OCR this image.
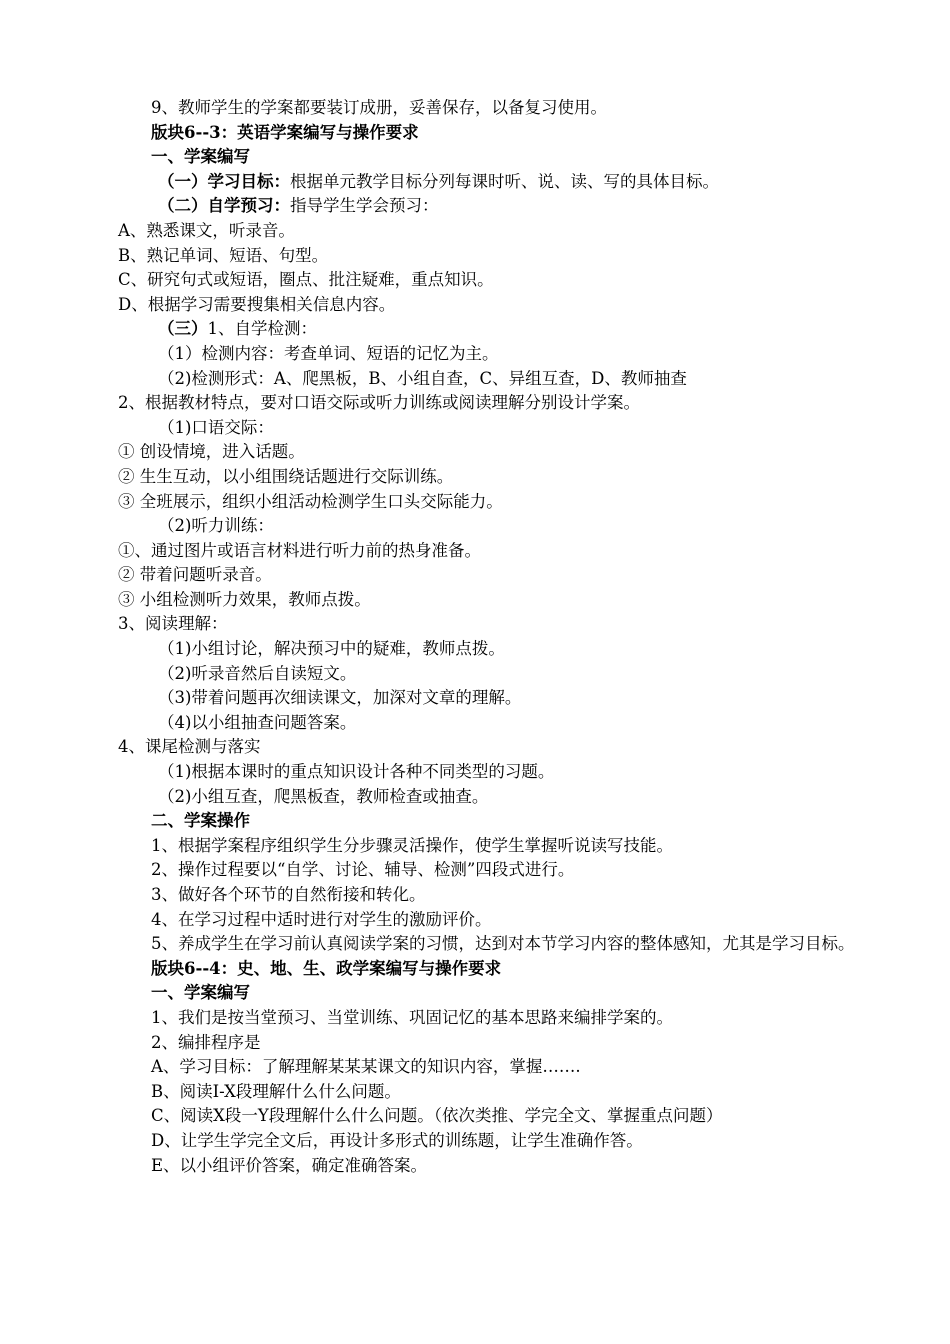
9、教师学生的学案都要装订成册，妥善保存，以备复习使用。
版块6--3：英语学案编写与操作要求
一、学案编写
（一）学习目标：根据单元教学目标分列每课时听、说、读、写的具体目标。
（二）自学预习：指导学生学会预习：
A、熟悉课文，听录音。
B、熟记单词、短语、句型。
C、研究句式或短语，圈点、批注疑难，重点知识。
D、根据学习需要搜集相关信息内容。
（三）1、自学检测：
（1）检测内容：考查单词、短语的记忆为主。
（2)检测形式：A、爬黑板，B、小组自查，C、异组互查，D、教师抽查
2、根据教材特点，要对口语交际或听力训练或阅读理解分别设计学案。
（1)口语交际：
① 创设情境，进入话题。
② 生生互动，以小组围绕话题进行交际训练。
③ 全班展示，组织小组活动检测学生口头交际能力。
（2)听力训练：
①、通过图片或语言材料进行听力前的热身准备。
② 带着问题听录音。
③ 小组检测听力效果，教师点拨。
3、阅读理解：
（1)小组讨论，解决预习中的疑难，教师点拨。
（2)听录音然后自读短文。
（3)带着问题再次细读课文，加深对文章的理解。
（4)以小组抽查问题答案。
4、课尾检测与落实
（1)根据本课时的重点知识设计各种不同类型的习题。
（2)小组互查，爬黑板查，教师检查或抽查。
二、学案操作
1、根据学案程序组织学生分步骤灵活操作，使学生掌握听说读写技能。
2、操作过程要以“自学、讨论、辅导、检测”四段式进行。
3、做好各个环节的自然衔接和转化。
4、在学习过程中适时进行对学生的激励评价。
5、养成学生在学习前认真阅读学案的习惯，达到对本节学习内容的整体感知，尤其是学习目标。
版块6--4：史、地、生、政学案编写与操作要求
一、学案编写
1、我们是按当堂预习、当堂训练、巩固记忆的基本思路来编排学案的。
2、编排程序是
A、学习目标：了解理解某某某课文的知识内容，掌握…….
B、阅读I-X段理解什么什么问题。
C、阅读X段一Y段理解什么什么问题。（依次类推、学完全文、掌握重点问题）
D、让学生学完全文后，再设计多形式的训练题，让学生准确作答。
E、以小组评价答案，确定准确答案。
